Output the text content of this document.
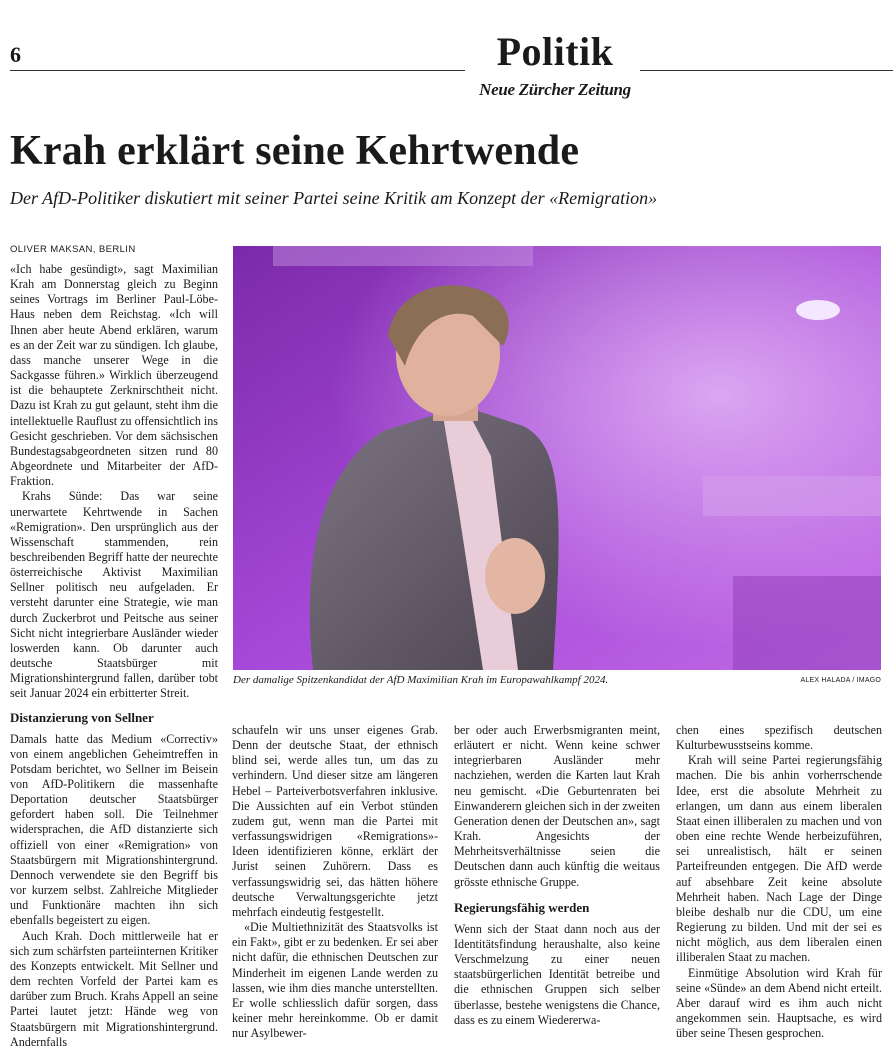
6	Politik
Neue Zürcher Zeitung
Krah erklärt seine Kehrtwende
Der AfD-Politiker diskutiert mit seiner Partei seine Kritik am Konzept der «Remigration»
OLIVER MAKSAN, BERLIN

«Ich habe gesündigt», sagt Maximilian Krah am Donnerstag gleich zu Beginn seines Vortrags im Berliner Paul-Löbe-Haus neben dem Reichstag. «Ich will Ihnen aber heute Abend erklären, warum es an der Zeit war zu sündigen. Ich glaube, dass manche unserer Wege in die Sackgasse führen.» Wirklich überzeugend ist die behauptete Zerknirschtheit nicht. Dazu ist Krah zu gut gelaunt, steht ihm die intellektuelle Rauflust zu offensichtlich ins Gesicht geschrieben. Vor dem sächsischen Bundestagsabgeordneten sitzen rund 80 Abgeordnete und Mitarbeiter der AfD-Fraktion.

Krahs Sünde: Das war seine unerwartete Kehrtwende in Sachen «Remigration». Den ursprünglich aus der Wissenschaft stammenden, rein beschreibenden Begriff hatte der neurechte österreichische Aktivist Maximilian Sellner politisch neu aufgeladen. Er versteht darunter eine Strategie, wie man durch Zuckerbrot und Peitsche aus seiner Sicht nicht integrierbare Ausländer wieder loswerden kann. Ob darunter auch deutsche Staatsbürger mit Migrationshintergrund fallen, darüber tobt seit Januar 2024 ein erbitterter Streit.

Distanzierung von Sellner

Damals hatte das Medium «Correctiv» von einem angeblichen Geheimtreffen in Potsdam berichtet, wo Sellner im Beisein von AfD-Politikern die massenhafte Deportation deutscher Staatsbürger gefordert haben soll. Die Teilnehmer widersprachen, die AfD distanzierte sich offiziell von einer «Remigration» von Staatsbürgern mit Migrationshintergrund. Dennoch verwendete sie den Begriff bis vor kurzem selbst. Zahlreiche Mitglieder und Funktionäre machten ihn sich ebenfalls begeistert zu eigen.

Auch Krah. Doch mittlerweile hat er sich zum schärfsten parteiinternen Kritiker des Konzepts entwickelt. Mit Sellner und dem rechten Vorfeld der Partei kam es darüber zum Bruch. Krahs Appell an seine Partei lautet jetzt: Hände weg von Staatsbürgern mit Migrationshintergrund. Andernfalls

Der damalige Spitzenkandidat der AfD Maximilian Krah im Europawahlkampf 2024.	ALEX HALADA / IMAGO

schaufeln wir uns unser eigenes Grab. Denn der deutsche Staat, der ethnisch blind sei, werde alles tun, um das zu verhindern. Und dieser sitze am längeren Hebel – Parteiverbotsverfahren inklusive. Die Aussichten auf ein Verbot stünden zudem gut, wenn man die Partei mit verfassungswidrigen «Remigrations»-Ideen identifizieren könne, erklärt der Jurist seinen Zuhörern. Dass es verfassungswidrig sei, das hätten höhere deutsche Verwaltungsgerichte jetzt mehrfach eindeutig festgestellt.

«Die Multiethnizität des Staatsvolks ist ein Fakt», gibt er zu bedenken. Er sei aber nicht dafür, die ethnischen Deutschen zur Minderheit im eigenen Lande werden zu lassen, wie ihm dies manche unterstellten. Er wolle schliesslich dafür sorgen, dass keiner mehr hereinkomme. Ob er damit nur Asylbewer-

ber oder auch Erwerbsmigranten meint, erläutert er nicht. Wenn keine schwer integrierbaren Ausländer mehr nachziehen, werden die Karten laut Krah neu gemischt. «Die Geburtenraten bei Einwanderern gleichen sich in der zweiten Generation denen der Deutschen an», sagt Krah. Angesichts der Mehrheitsverhältnisse seien die Deutschen dann auch künftig die weitaus grösste ethnische Gruppe.

Regierungsfähig werden

Wenn sich der Staat dann noch aus der Identitätsfindung heraushalte, also keine Verschmelzung zu einer neuen staatsbürgerlichen Identität betreibe und die ethnischen Gruppen sich selber überlasse, bestehe wenigstens die Chance, dass es zu einem Wiedererwa-

chen eines spezifisch deutschen Kulturbewusstseins komme.

Krah will seine Partei regierungsfähig machen. Die bis anhin vorherrschende Idee, erst die absolute Mehrheit zu erlangen, um dann aus einem liberalen Staat einen illiberalen zu machen und von oben eine rechte Wende herbeizuführen, sei unrealistisch, hält er seinen Parteifreunden entgegen. Die AfD werde auf absehbare Zeit keine absolute Mehrheit haben. Nach Lage der Dinge bleibe deshalb nur die CDU, um eine Regierung zu bilden. Und mit der sei es nicht möglich, aus dem liberalen einen illiberalen Staat zu machen.

Einmütige Absolution wird Krah für seine «Sünde» an dem Abend nicht erteilt. Aber darauf wird es ihm auch nicht angekommen sein. Hauptsache, es wird über seine Thesen gesprochen.
